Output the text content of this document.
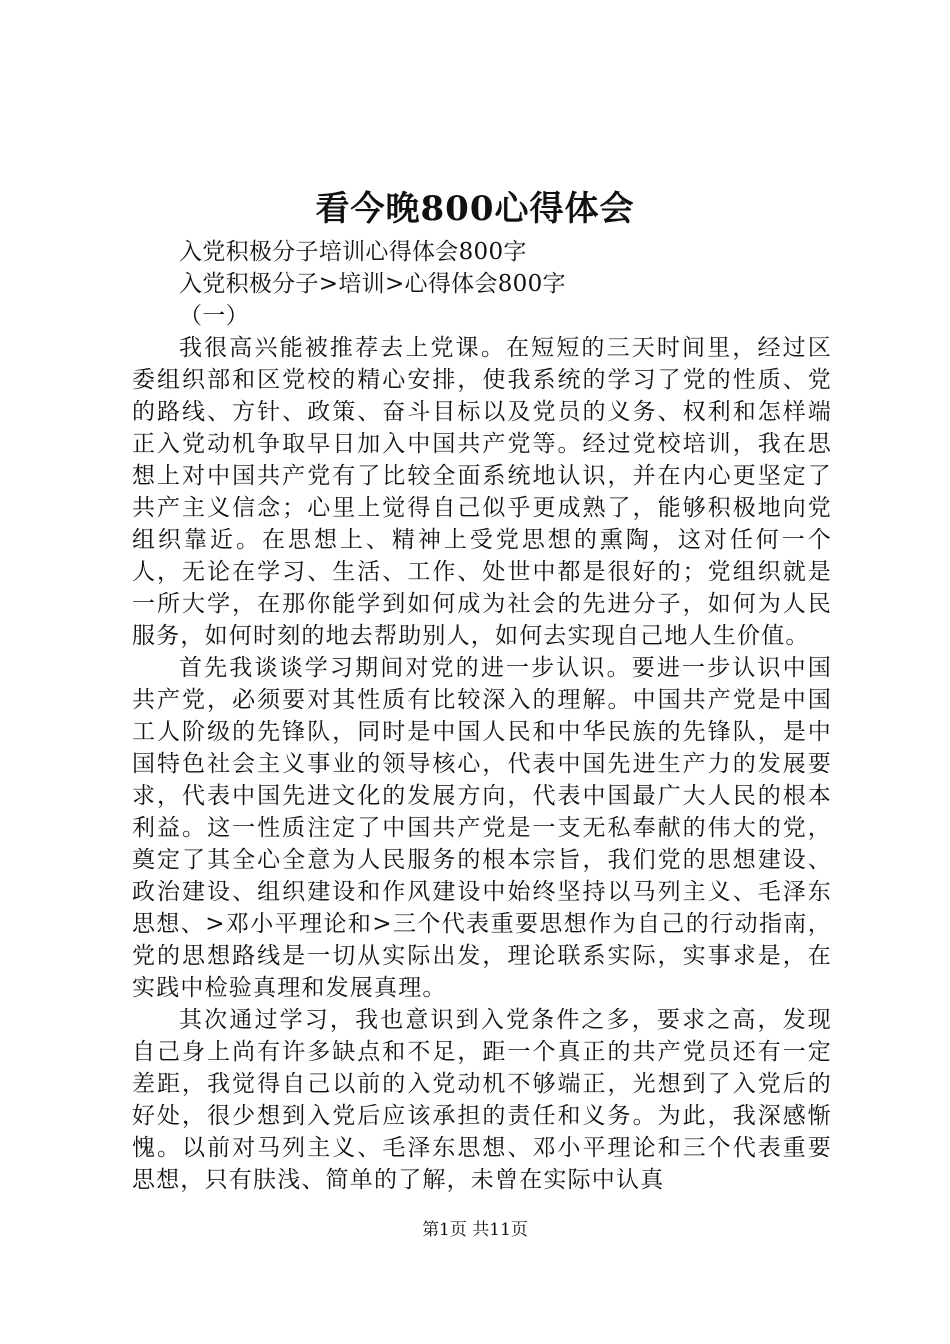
看今晚800心得体会
入党积极分子培训心得体会800字
入党积极分子>培训>心得体会800字
（一）

我很高兴能被推荐去上党课。在短短的三天时间里，经过区委组织部和区党校的精心安排，使我系统的学习了党的性质、党的路线、方针、政策、奋斗目标以及党员的义务、权利和怎样端正入党动机争取早日加入中国共产党等。经过党校培训，我在思想上对中国共产党有了比较全面系统地认识，并在内心更坚定了共产主义信念；心里上觉得自己似乎更成熟了，能够积极地向党组织靠近。在思想上、精神上受党思想的熏陶，这对任何一个人，无论在学习、生活、工作、处世中都是很好的；党组织就是一所大学，在那你能学到如何成为社会的先进分子，如何为人民服务，如何时刻的地去帮助别人，如何去实现自己地人生价值。

首先我谈谈学习期间对党的进一步认识。要进一步认识中国共产党，必须要对其性质有比较深入的理解。中国共产党是中国工人阶级的先锋队，同时是中国人民和中华民族的先锋队，是中国特色社会主义事业的领导核心，代表中国先进生产力的发展要求，代表中国先进文化的发展方向，代表中国最广大人民的根本利益。这一性质注定了中国共产党是一支无私奉献的伟大的党，奠定了其全心全意为人民服务的根本宗旨，我们党的思想建设、政治建设、组织建设和作风建设中始终坚持以马列主义、毛泽东思想、>邓小平理论和>三个代表重要思想作为自己的行动指南，党的思想路线是一切从实际出发，理论联系实际，实事求是，在实践中检验真理和发展真理。

其次通过学习，我也意识到入党条件之多，要求之高，发现自己身上尚有许多缺点和不足，距一个真正的共产党员还有一定差距，我觉得自己以前的入党动机不够端正，光想到了入党后的好处，很少想到入党后应该承担的责任和义务。为此，我深感惭愧。以前对马列主义、毛泽东思想、邓小平理论和三个代表重要思想，只有肤浅、简单的了解，未曾在实际中认真

第1页 共11页
